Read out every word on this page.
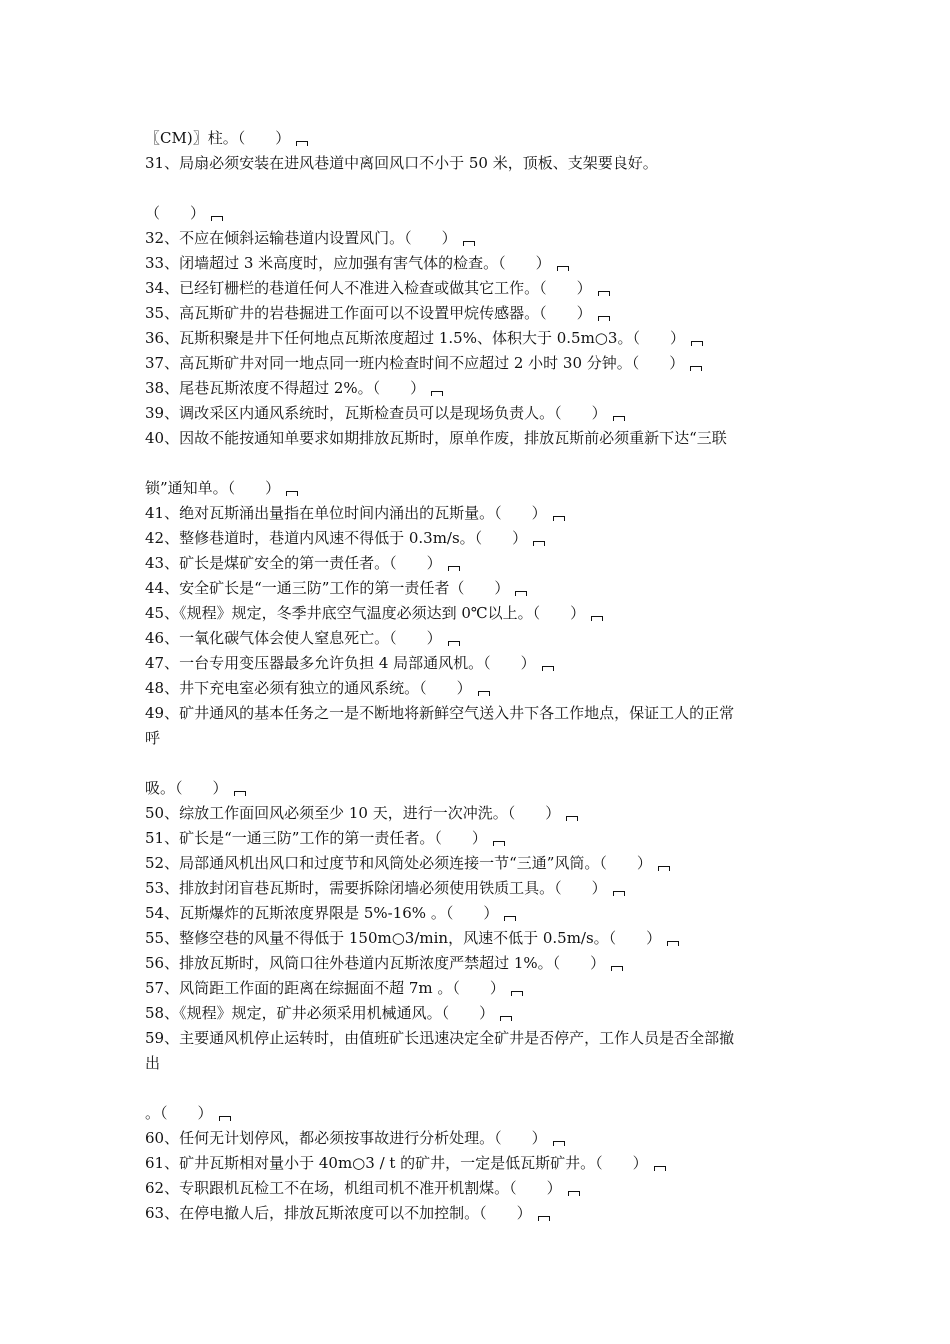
〖CM)〗柱。（　　）
31、局扇必须安装在进风巷道中离回风口不小于 50 米，顶板、支架要良好。
（　　）
32、不应在倾斜运输巷道内设置风门。（　　）
33、闭墙超过 3 米高度时，应加强有害气体的检查。（　　）
34、已经钉栅栏的巷道任何人不准进入检查或做其它工作。（　　）
35、高瓦斯矿井的岩巷掘进工作面可以不设置甲烷传感器。（　　）
36、瓦斯积聚是井下任何地点瓦斯浓度超过 1.5%、体积大于 0.5m○3。（　　）
37、高瓦斯矿井对同一地点同一班内检查时间不应超过 2 小时 30 分钟。（　　）
38、尾巷瓦斯浓度不得超过 2%。（　　）
39、调改采区内通风系统时，瓦斯检查员可以是现场负责人。（　　）
40、因故不能按通知单要求如期排放瓦斯时，原单作废，排放瓦斯前必须重新下达“三联
锁”通知单。（　　）
41、绝对瓦斯涌出量指在单位时间内涌出的瓦斯量。（　　）
42、整修巷道时，巷道内风速不得低于 0.3m/s。（　　）
43、矿长是煤矿安全的第一责任者。（　　）
44、安全矿长是“一通三防”工作的第一责任者（　　）
45、《规程》规定，冬季井底空气温度必须达到 0℃以上。（　　）
46、一氧化碳气体会使人窒息死亡。（　　）
47、一台专用变压器最多允许负担 4 局部通风机。（　　）
48、井下充电室必须有独立的通风系统。（　　）
49、矿井通风的基本任务之一是不断地将新鲜空气送入井下各工作地点，保证工人的正常
呼
吸。（　　）
50、综放工作面回风必须至少 10 天，进行一次冲洗。（　　）
51、矿长是“一通三防”工作的第一责任者。（　　）
52、局部通风机出风口和过度节和风筒处必须连接一节“三通”风筒。（　　）
53、排放封闭盲巷瓦斯时，需要拆除闭墙必须使用铁质工具。（　　）
54、瓦斯爆炸的瓦斯浓度界限是 5%-16% 。（　　）
55、整修空巷的风量不得低于 150m○3/min，风速不低于 0.5m/s。（　　）
56、排放瓦斯时，风筒口往外巷道内瓦斯浓度严禁超过 1%。（　　）
57、风筒距工作面的距离在综掘面不超 7m 。（　　）
58、《规程》规定，矿井必须采用机械通风。（　　）
59、主要通风机停止运转时，由值班矿长迅速决定全矿井是否停产，工作人员是否全部撤
出
。（　　）
60、任何无计划停风，都必须按事故进行分析处理。（　　）
61、矿井瓦斯相对量小于 40m○3 / t 的矿井，一定是低瓦斯矿井。（　　）
62、专职跟机瓦检工不在场，机组司机不准开机割煤。（　　）
63、在停电撤人后，排放瓦斯浓度可以不加控制。（　　）
